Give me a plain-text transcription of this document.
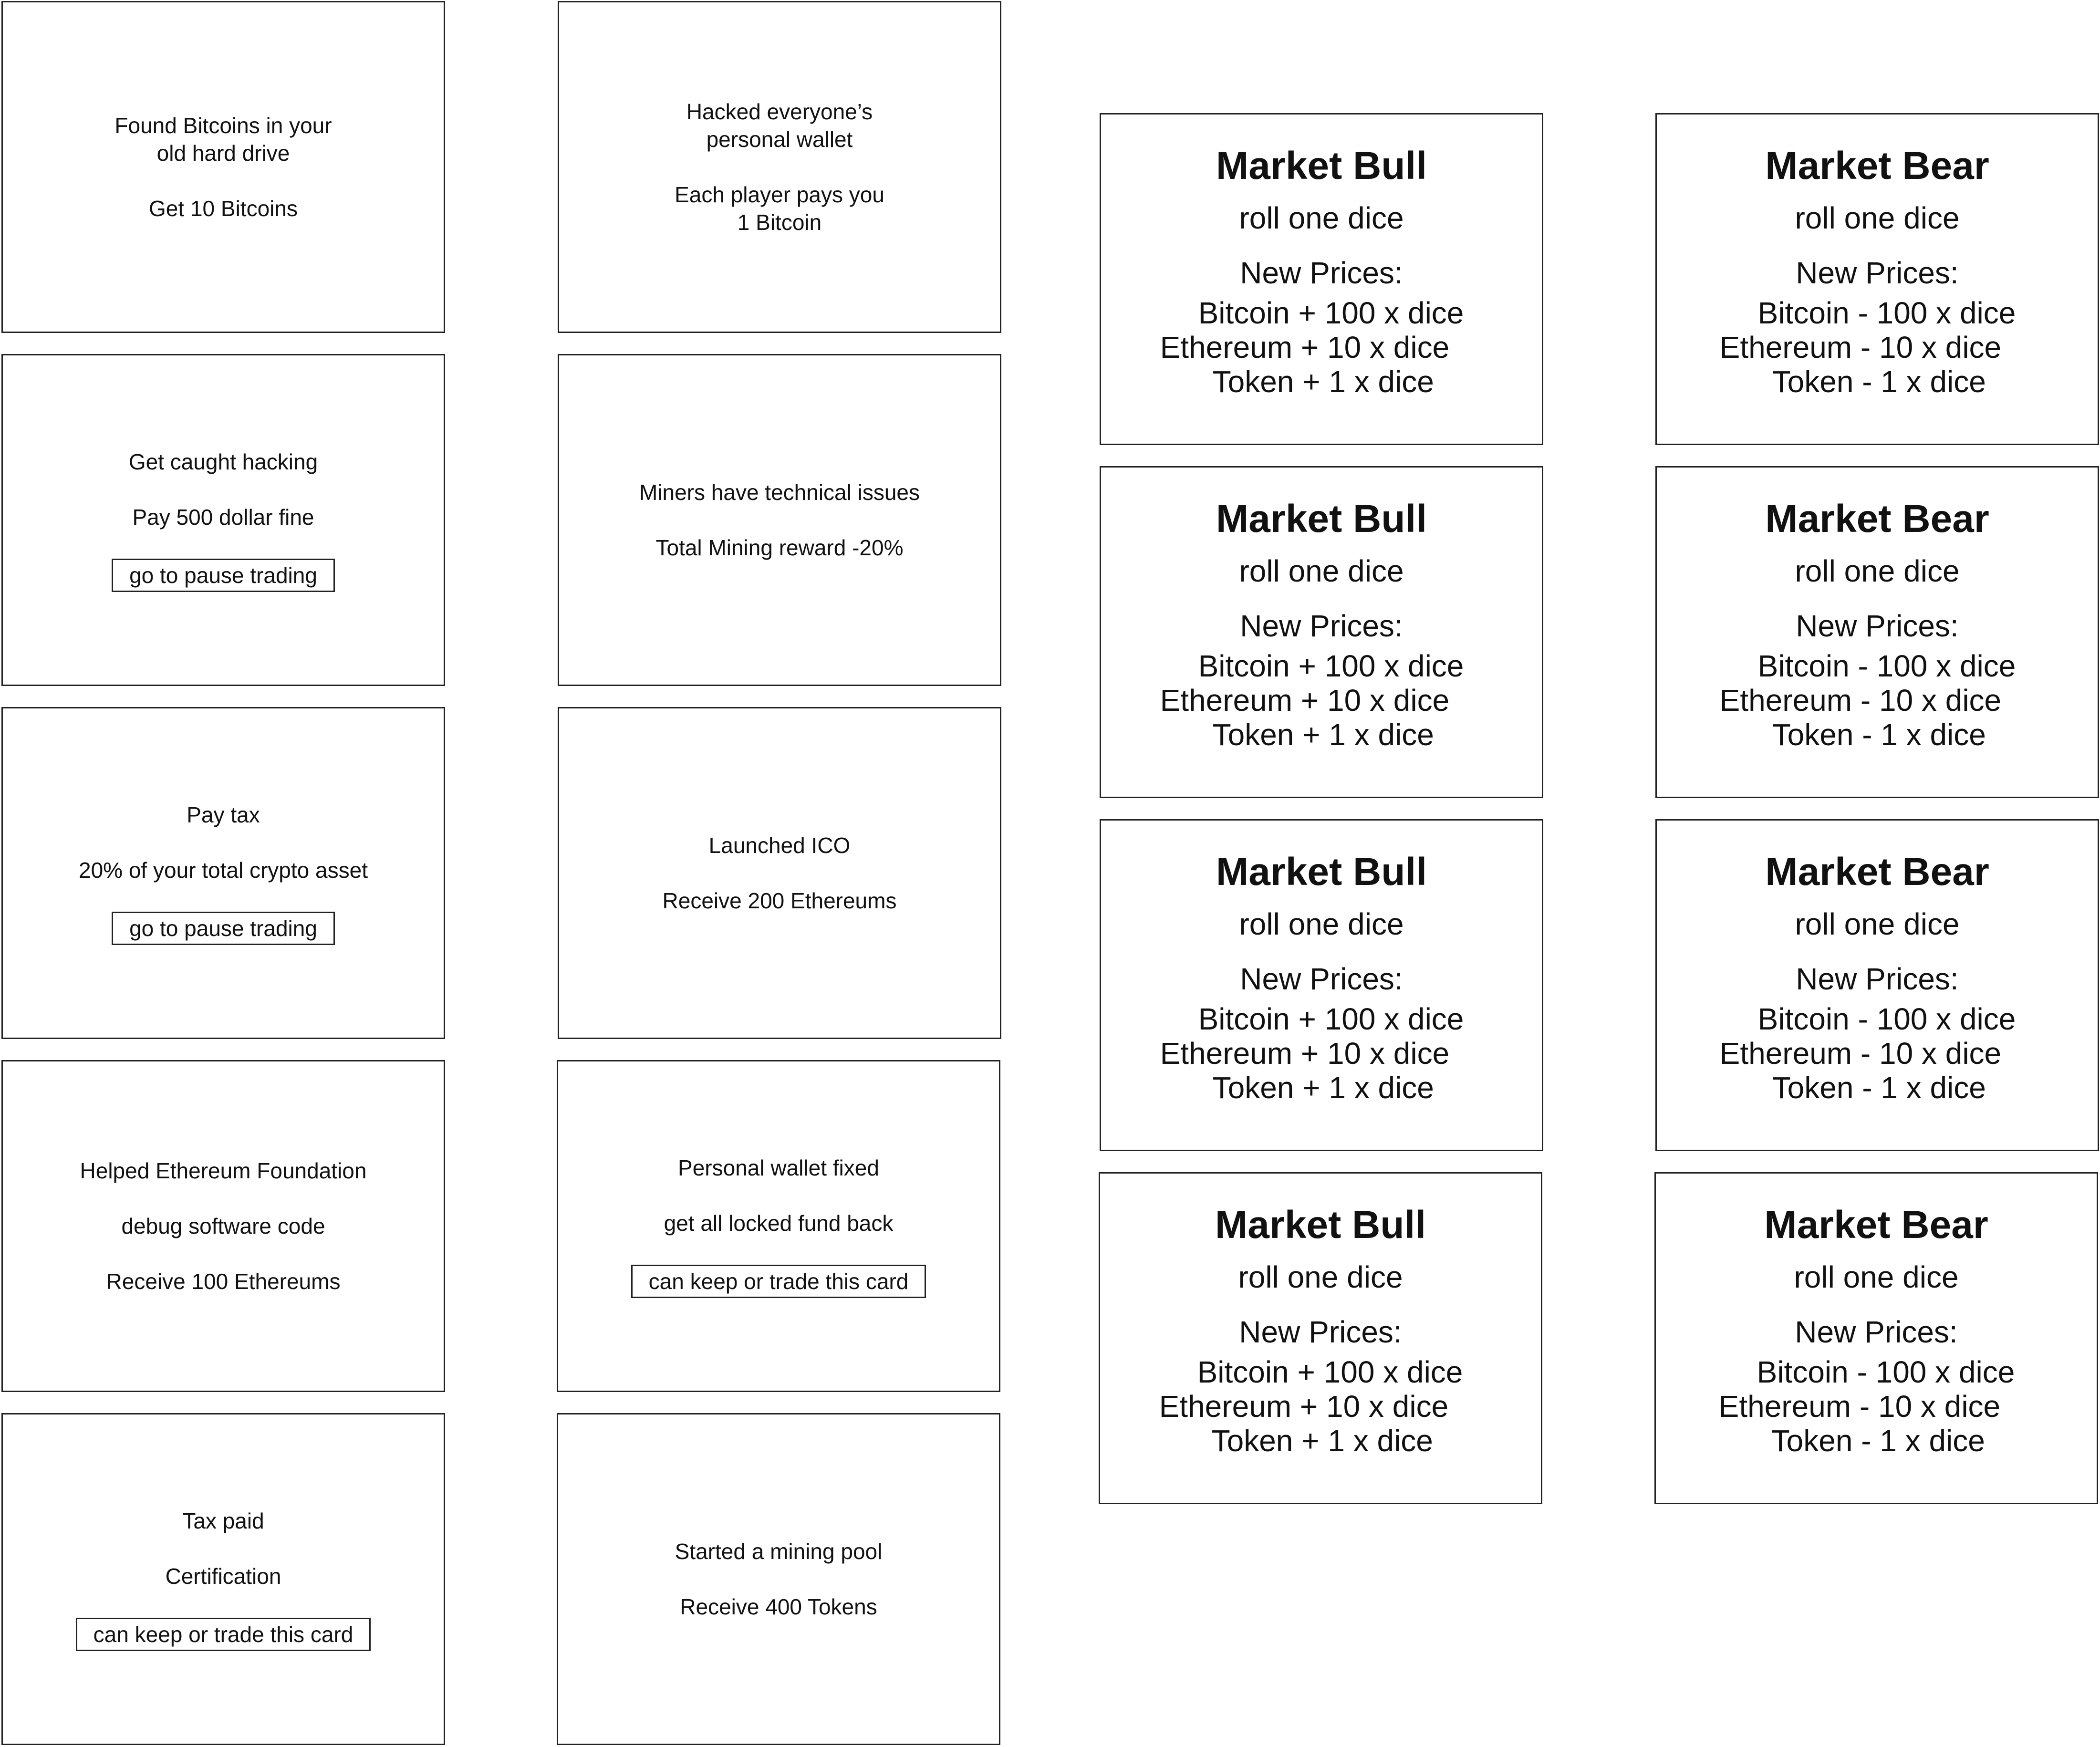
Found Bitcoins in your
old hard drive
Get 10 Bitcoins
Get caught hacking
Pay 500 dollar fine
go to pause trading
Pay tax
20% of your total crypto asset
go to pause trading
Helped Ethereum Foundation
debug software code
Receive 100 Ethereums
Tax paid
Certification
can keep or trade this card
Hacked everyone’s
personal wallet
Each player pays you
1 Bitcoin
Miners have technical issues
Total Mining reward -20%
Launched ICO
Receive 200 Ethereums
Personal wallet fixed
get all locked fund back
can keep or trade this card
Started a mining pool
Receive 400 Tokens
Market Bull
roll one dice
New Prices:
Bitcoin + 100 x dice
Ethereum + 10 x dice
Token + 1 x dice
Market Bull
roll one dice
New Prices:
Bitcoin + 100 x dice
Ethereum + 10 x dice
Token + 1 x dice
Market Bull
roll one dice
New Prices:
Bitcoin + 100 x dice
Ethereum + 10 x dice
Token + 1 x dice
Market Bull
roll one dice
New Prices:
Bitcoin + 100 x dice
Ethereum + 10 x dice
Token + 1 x dice
Market Bear
roll one dice
New Prices:
Bitcoin - 100 x dice
Ethereum - 10 x dice
Token - 1 x dice
Market Bear
roll one dice
New Prices:
Bitcoin - 100 x dice
Ethereum - 10 x dice
Token - 1 x dice
Market Bear
roll one dice
New Prices:
Bitcoin - 100 x dice
Ethereum - 10 x dice
Token - 1 x dice
Market Bear
roll one dice
New Prices:
Bitcoin - 100 x dice
Ethereum - 10 x dice
Token - 1 x dice
